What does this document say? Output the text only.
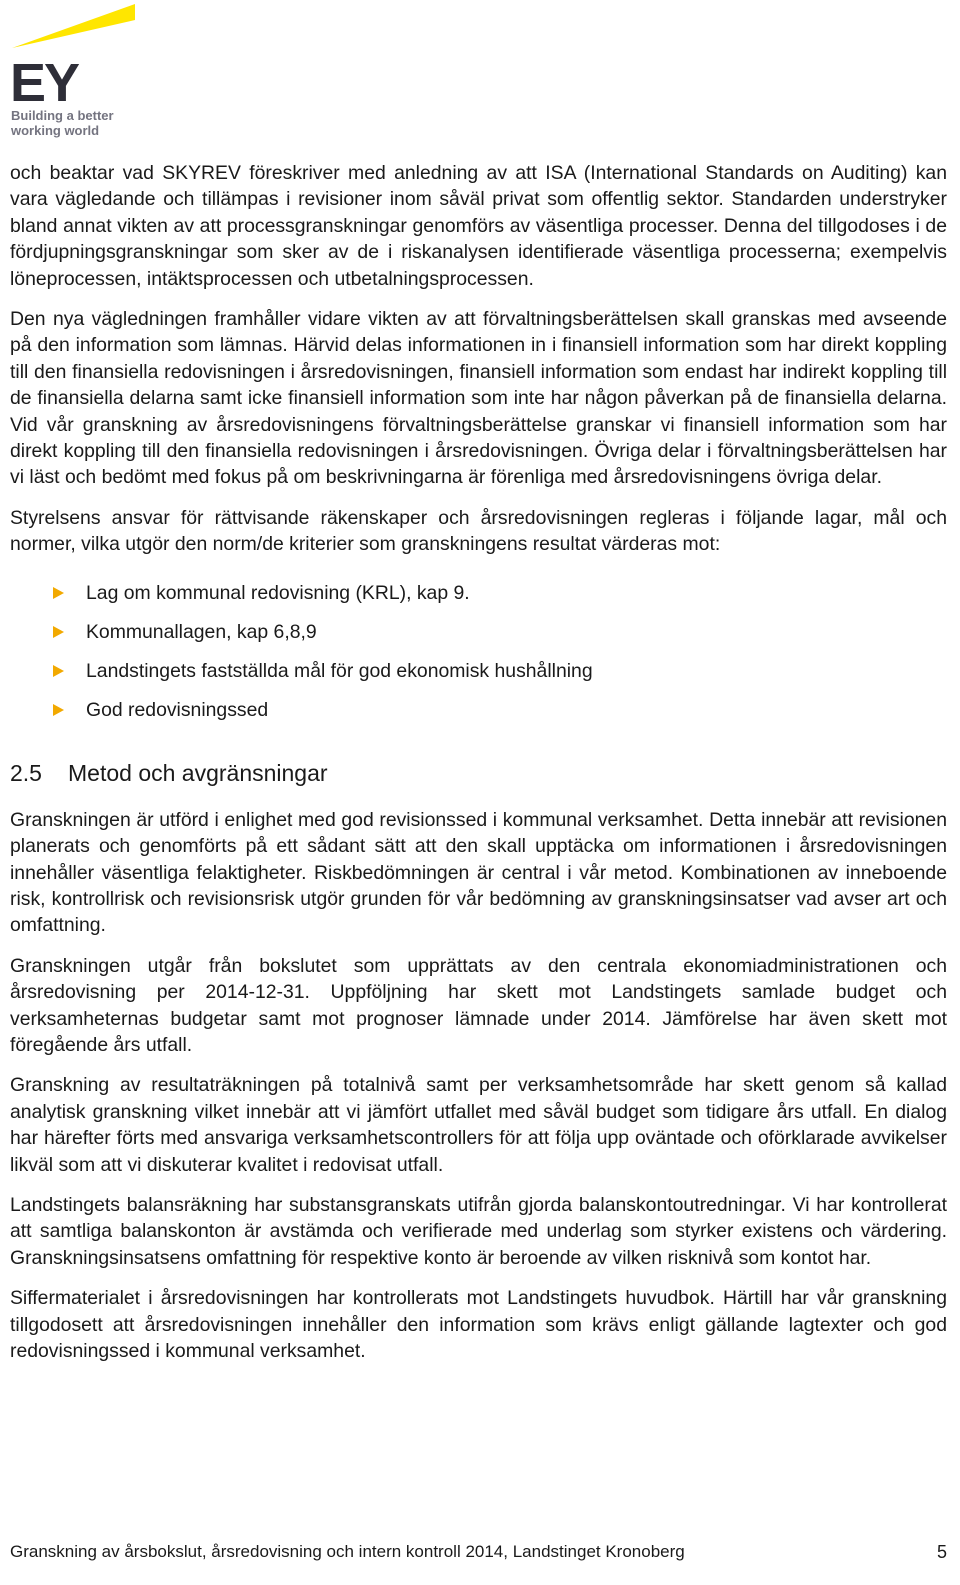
EY
Building a better
working world

och beaktar vad SKYREV föreskriver med anledning av att ISA (International Standards on Auditing) kan vara vägledande och tillämpas i revisioner inom såväl privat som offentlig sektor. Standarden understryker bland annat vikten av att processgranskningar genomförs av väsentliga processer. Denna del tillgodoses i de fördjupningsgranskningar som sker av de i riskanalysen identifierade väsentliga processerna; exempelvis löneprocessen, intäktsprocessen och utbetalningsprocessen.

Den nya vägledningen framhåller vidare vikten av att förvaltningsberättelsen skall granskas med avseende på den information som lämnas. Härvid delas informationen in i finansiell information som har direkt koppling till den finansiella redovisningen i årsredovisningen, finansiell information som endast har indirekt koppling till de finansiella delarna samt icke finansiell information som inte har någon påverkan på de finansiella delarna. Vid vår granskning av årsredovisningens förvaltningsberättelse granskar vi finansiell information som har direkt koppling till den finansiella redovisningen i årsredovisningen. Övriga delar i förvaltningsberättelsen har vi läst och bedömt med fokus på om beskrivningarna är förenliga med årsredovisningens övriga delar.

Styrelsens ansvar för rättvisande räkenskaper och årsredovisningen regleras i följande lagar, mål och normer, vilka utgör den norm/de kriterier som granskningens resultat värderas mot:

Lag om kommunal redovisning (KRL), kap 9.
Kommunallagen, kap 6,8,9
Landstingets fastställda mål för god ekonomisk hushållning
God redovisningssed
2.5	Metod och avgränsningar

Granskningen är utförd i enlighet med god revisionssed i kommunal verksamhet. Detta innebär att revisionen planerats och genomförts på ett sådant sätt att den skall upptäcka om informationen i årsredovisningen innehåller väsentliga felaktigheter. Riskbedömningen är central i vår metod. Kombinationen av inneboende risk, kontrollrisk och revisionsrisk utgör grunden för vår bedömning av granskningsinsatser vad avser art och omfattning.

Granskningen utgår från bokslutet som upprättats av den centrala ekonomiadministrationen och årsredovisning per 2014-12-31. Uppföljning har skett mot Landstingets samlade budget och verksamheternas budgetar samt mot prognoser lämnade under 2014. Jämförelse har även skett mot föregående års utfall.

Granskning av resultaträkningen på totalnivå samt per verksamhetsområde har skett genom så kallad analytisk granskning vilket innebär att vi jämfört utfallet med såväl budget som tidigare års utfall. En dialog har härefter förts med ansvariga verksamhetscontrollers för att följa upp oväntade och oförklarade avvikelser likväl som att vi diskuterar kvalitet i redovisat utfall.

Landstingets balansräkning har substansgranskats utifrån gjorda balanskontoutredningar. Vi har kontrollerat att samtliga balanskonton är avstämda och verifierade med underlag som styrker existens och värdering. Granskningsinsatsens omfattning för respektive konto är beroende av vilken risknivå som kontot har.

Siffermaterialet i årsredovisningen har kontrollerats mot Landstingets huvudbok. Härtill har vår granskning tillgodosett att årsredovisningen innehåller den information som krävs enligt gällande lagtexter och god redovisningssed i kommunal verksamhet.

Granskning av årsbokslut, årsredovisning och intern kontroll 2014, Landstinget Kronoberg	5
